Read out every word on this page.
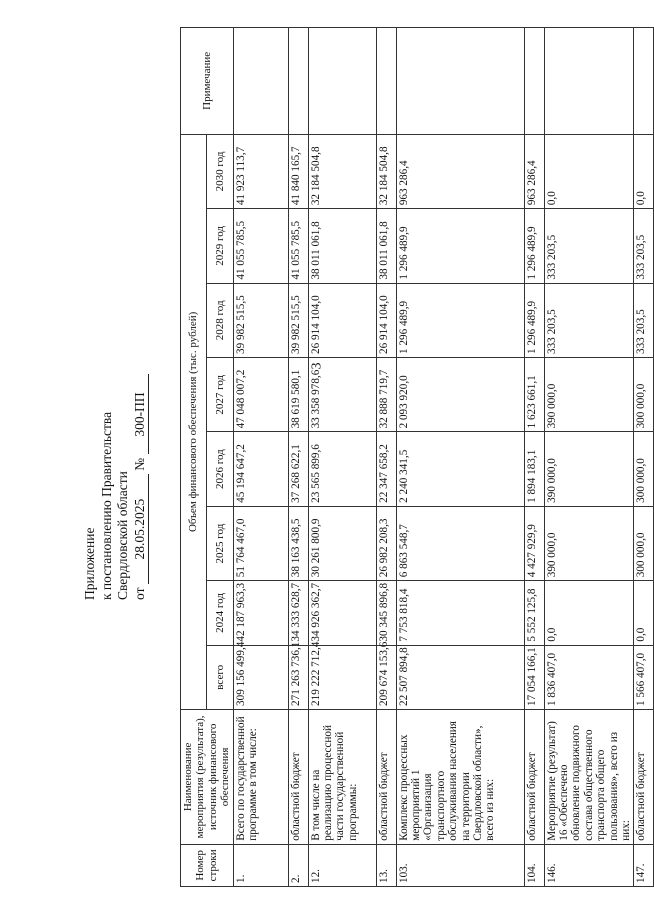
3
Приложение к постановлению Правительства Свердловской области от 28.05.2025 № 300-ПП
Номер строки	Наименование мероприятия (результата), источник финансового обеспечения	Объем финансового обеспечения (тыс. рублей)								Примечание
		всего	2024 год	2025 год	2026 год	2027 год	2028 год	2029 год	2030 год	
1.	Всего по государственной программе в том числе:	309 156 499,4	42 187 963,3	51 764 467,0	45 194 647,2	47 048 007,2	39 982 515,5	41 055 785,5	41 923 113,7	
2.	областной бюджет	271 263 736,1	34 333 628,7	38 163 438,5	37 268 622,1	38 619 580,1	39 982 515,5	41 055 785,5	41 840 165,7	
12.	В том числе на реализацию процессной части государственной программы:	219 222 712,4	34 926 362,7	30 261 800,9	23 565 899,6	33 358 978,6	26 914 104,0	38 011 061,8	32 184 504,8	
13.	областной бюджет	209 674 153,6	30 345 896,8	26 982 208,3	22 347 658,2	32 888 719,7	26 914 104,0	38 011 061,8	32 184 504,8	
103.	Комплекс процессных мероприятий 1 «Организация транспортного обслуживания населения на территории Свердловской области», всего из них:	22 507 894,8	7 753 818,4	6 863 548,7	2 240 341,5	2 093 920,0	1 296 489,9	1 296 489,9	963 286,4	
104.	областной бюджет	17 054 166,1	5 552 125,8	4 427 929,9	1 894 183,1	1 623 661,1	1 296 489,9	1 296 489,9	963 286,4	
146.	Мероприятие (результат) 16 «Обеспечено обновление подвижного состава общественного транспорта общего пользования», всего из них:	1 836 407,0	0,0	390 000,0	390 000,0	390 000,0	333 203,5	333 203,5	0,0	
147.	областной бюджет	1 566 407,0	0,0	300 000,0	300 000,0	300 000,0	333 203,5	333 203,5	0,0	
